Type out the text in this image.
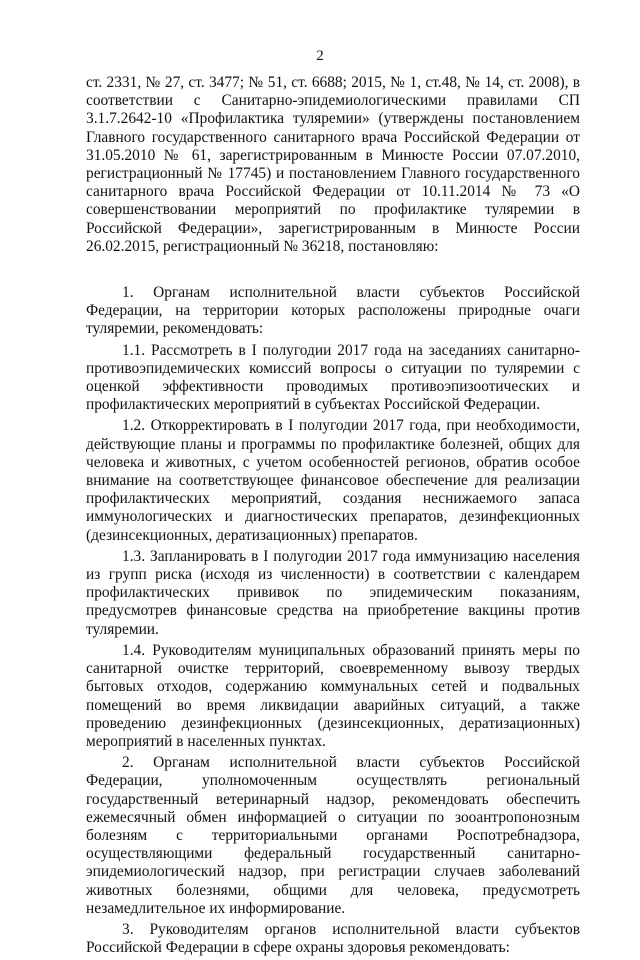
2

ст. 2331, № 27, ст. 3477; № 51, ст. 6688; 2015, № 1, ст.48, № 14, ст. 2008), в соответствии с Санитарно-эпидемиологическими правилами СП 3.1.7.2642-10 «Профилактика туляремии» (утверждены постановлением Главного государственного санитарного врача Российской Федерации от 31.05.2010 № 61, зарегистрированным в Минюсте России 07.07.2010, регистрационный № 17745) и постановлением Главного государственного санитарного врача Российской Федерации от 10.11.2014 № 73 «О совершенствовании мероприятий по профилактике туляремии в Российской Федерации», зарегистрированным в Минюсте России 26.02.2015, регистрационный № 36218, постановляю:

1. Органам исполнительной власти субъектов Российской Федерации, на территории которых расположены природные очаги туляремии, рекомендовать:

1.1. Рассмотреть в I полугодии 2017 года на заседаниях санитарно-противоэпидемических комиссий вопросы о ситуации по туляремии с оценкой эффективности проводимых противоэпизоотических и профилактических мероприятий в субъектах Российской Федерации.

1.2. Откорректировать в I полугодии 2017 года, при необходимости, действующие планы и программы по профилактике болезней, общих для человека и животных, с учетом особенностей регионов, обратив особое внимание на соответствующее финансовое обеспечение для реализации профилактических мероприятий, создания неснижаемого запаса иммунологических и диагностических препаратов, дезинфекционных (дезинсекционных, дератизационных) препаратов.

1.3. Запланировать в I полугодии 2017 года иммунизацию населения из групп риска (исходя из численности) в соответствии с календарем профилактических прививок по эпидемическим показаниям, предусмотрев финансовые средства на приобретение вакцины против туляремии.

1.4. Руководителям муниципальных образований принять меры по санитарной очистке территорий, своевременному вывозу твердых бытовых отходов, содержанию коммунальных сетей и подвальных помещений во время ликвидации аварийных ситуаций, а также проведению дезинфекционных (дезинсекционных, дератизационных) мероприятий в населенных пунктах.

2. Органам исполнительной власти субъектов Российской Федерации, уполномоченным осуществлять региональный государственный ветеринарный надзор, рекомендовать обеспечить ежемесячный обмен информацией о ситуации по зооантропонозным болезням с территориальными органами Роспотребнадзора, осуществляющими федеральный государственный санитарно-эпидемиологический надзор, при регистрации случаев заболеваний животных болезнями, общими для человека, предусмотреть незамедлительное их информирование.

3. Руководителям органов исполнительной власти субъектов Российской Федерации в сфере охраны здоровья рекомендовать:
